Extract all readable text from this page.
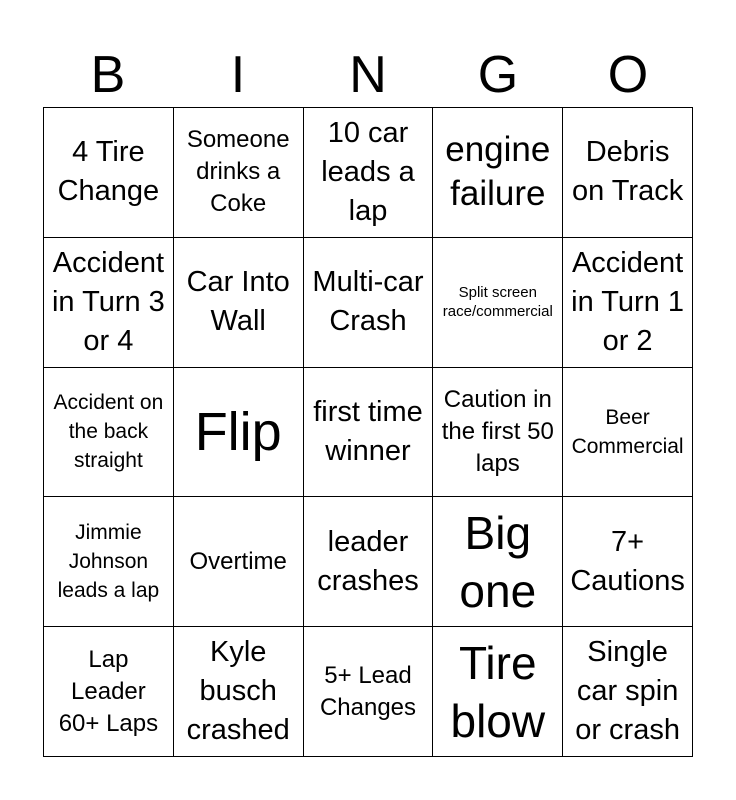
B	I	N	G	O
4 Tire Change
Someone drinks a Coke
10 car leads a lap
engine failure
Debris on Track
Accident in Turn 3 or 4
Car Into Wall
Multi-car Crash
Split screen race/commercial
Accident in Turn 1 or 2
Accident on the back straight Flip first time winner
Caution in the first 50 laps
Beer Commercial
Jimmie Johnson leads a lap
Overtime
leader crashes
Big one
7+ Cautions
Lap Leader 60+ Laps
Kyle busch crashed
5+ Lead Changes
Tire blow
Single car spin or crash
